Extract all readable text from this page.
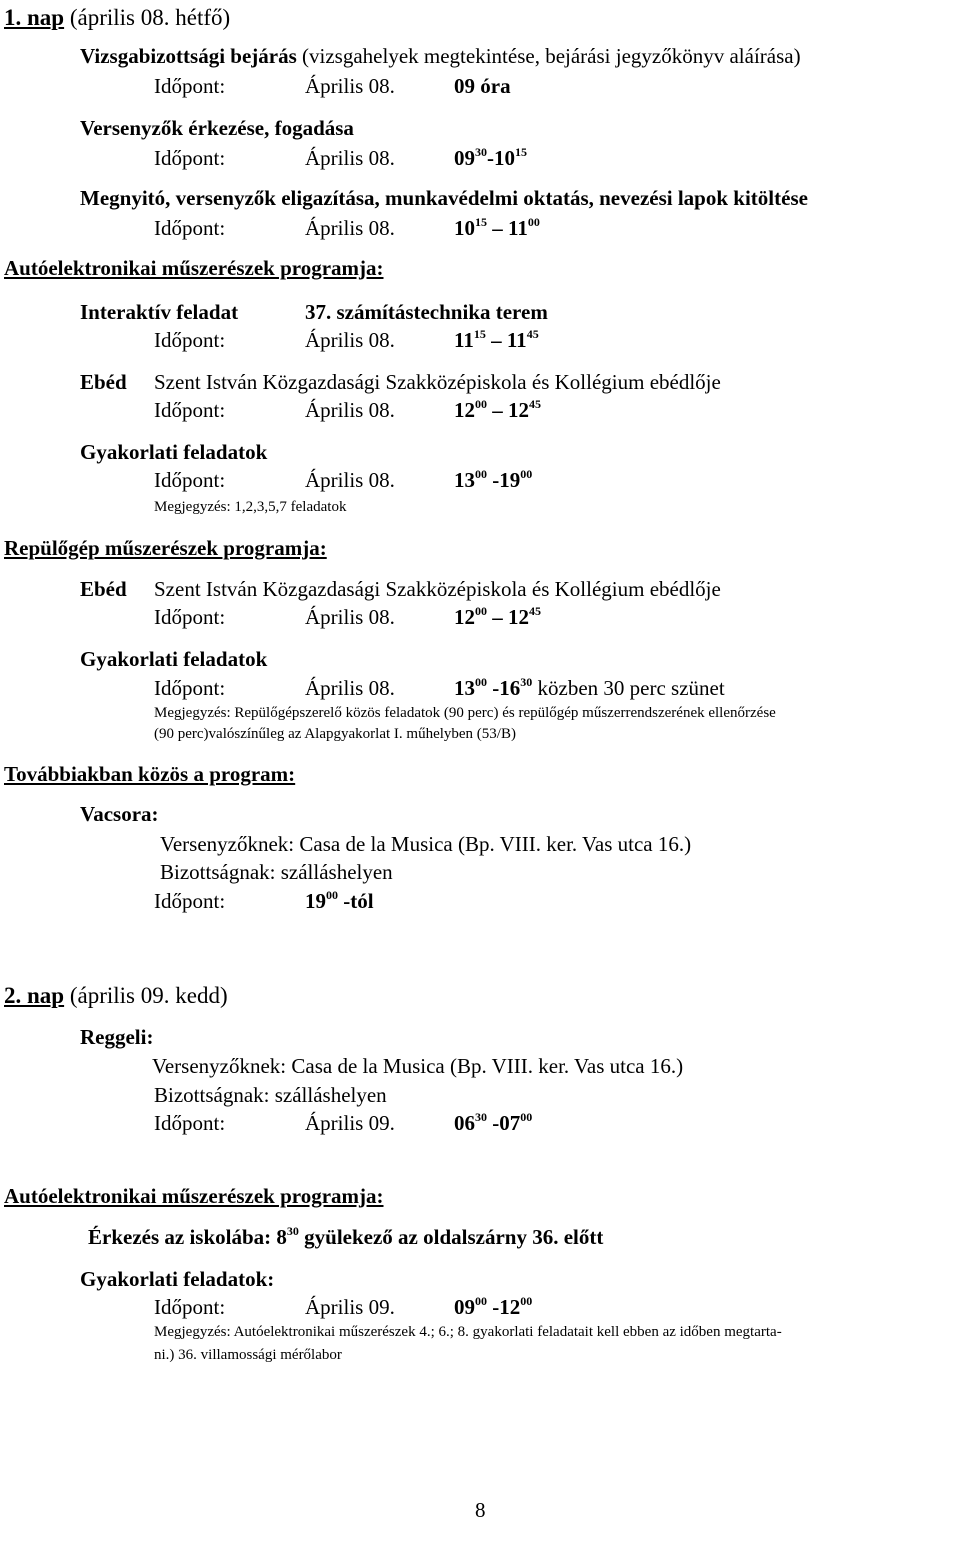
1. nap (április 08. hétfő)
Vizsgabizottsági bejárás (vizsgahelyek megtekintése, bejárási jegyzőkönyv aláírása)
Időpont:	Április 08.	09 óra
Versenyzők érkezése, fogadása
Időpont:	Április 08.	$09^{30}-10^{15}$
Megnyitó, versenyzők eligazítása, munkavédelmi oktatás, nevezési lapok kitöltése
Időpont:	Április 08.	$10^{15} - 11^{00}$
Autóelektronikai műszerészek programja:
Interaktív feladat	37. számítástechnika terem
Időpont:	Április 08.	$11^{15} - 11^{45}$
Ebéd Szent István Közgazdasági Szakközépiskola és Kollégium ebédlője
Időpont:	Április 08.	$12^{00} - 12^{45}$
Gyakorlati feladatok
Időpont:	Április 08.	$13^{00}$ $-19^{00}$
Megjegyzés: 1,2,3,5,7 feladatok
Repülőgép műszerészek programja:
Ebéd Szent István Közgazdasági Szakközépiskola és Kollégium ebédlője
Időpont:	Április 08.	$12^{00} - 12^{45}$
Gyakorlati feladatok
Időpont:	Április 08.	$13^{00}$ $-16^{30}$ közben 30 perc szünet
Megjegyzés: Repülőgépszerelő közös feladatok (90 perc) és repülőgép műszerrendszerének ellenőrzése
(90 perc)valószínűleg az Alapgyakorlat I. műhelyben (53/B)
Továbbiakban közös a program:
Vacsora:
Versenyzőknek: Casa de la Musica (Bp. VIII. ker. Vas utca 16.)
Bizottságnak: szálláshelyen
Időpont:	$19^{00}$ -tól
2. nap (április 09. kedd)
Reggeli:
Versenyzőknek: Casa de la Musica (Bp. VIII. ker. Vas utca 16.)
Bizottságnak: szálláshelyen
Időpont:	Április 09.	$06^{30}$ $-07^{00}$
Autóelektronikai műszerészek programja:
Érkezés az iskolába: $8^{30}$ gyülekező az oldalszárny 36. előtt
Gyakorlati feladatok:
Időpont:	Április 09.	$09^{00}$ $-12^{00}$
Megjegyzés: Autóelektronikai műszerészek 4.; 6.; 8. gyakorlati feladatait kell ebben az időben megtarta-
ni.) 36. villamossági mérőlabor
8
